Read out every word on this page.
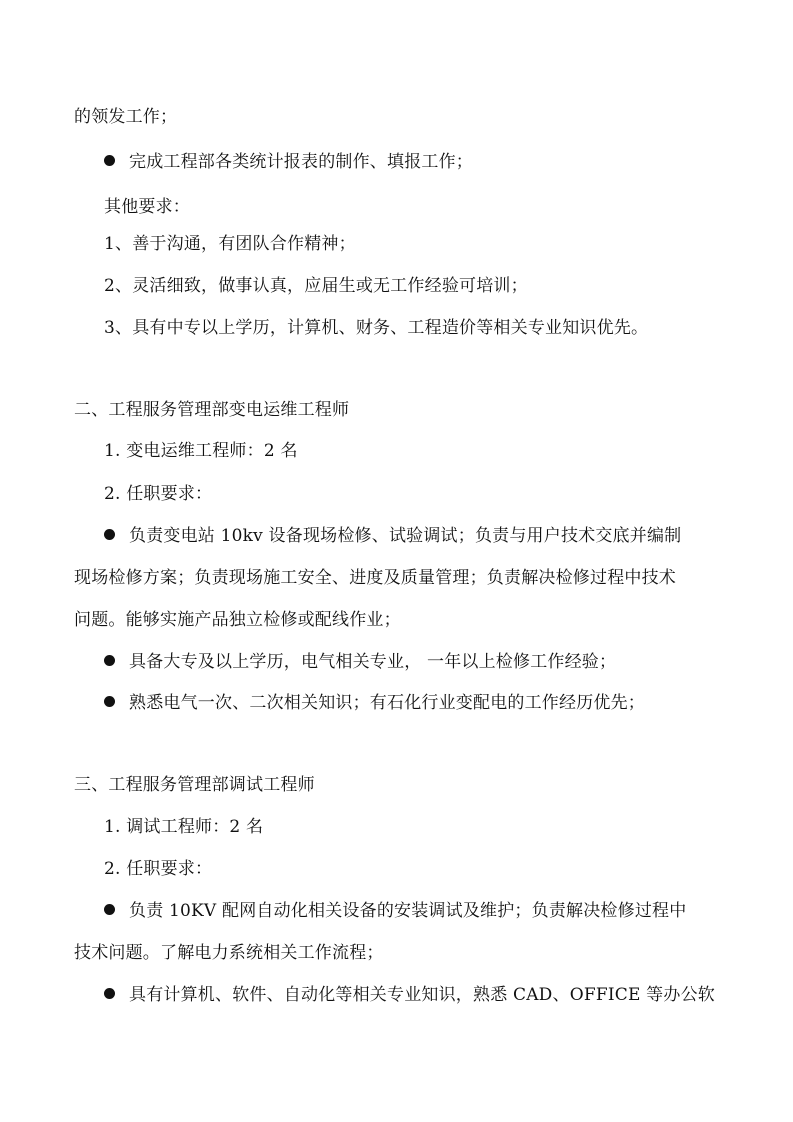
的领发工作；
完成工程部各类统计报表的制作、填报工作；
其他要求：
1、善于沟通，有团队合作精神；
2、灵活细致，做事认真，应届生或无工作经验可培训；
3、具有中专以上学历，计算机、财务、工程造价等相关专业知识优先。
二、工程服务管理部变电运维工程师
1. 变电运维工程师：2 名
2. 任职要求：
负责变电站 10kv 设备现场检修、试验调试；负责与用户技术交底并编制
现场检修方案；负责现场施工安全、进度及质量管理；负责解决检修过程中技术
问题。能够实施产品独立检修或配线作业；
具备大专及以上学历，电气相关专业， 一年以上检修工作经验；
熟悉电气一次、二次相关知识；有石化行业变配电的工作经历优先；
三、工程服务管理部调试工程师
1. 调试工程师：2 名
2. 任职要求：
负责 10KV 配网自动化相关设备的安装调试及维护；负责解决检修过程中
技术问题。了解电力系统相关工作流程；
具有计算机、软件、自动化等相关专业知识，熟悉 CAD、OFFICE 等办公软
